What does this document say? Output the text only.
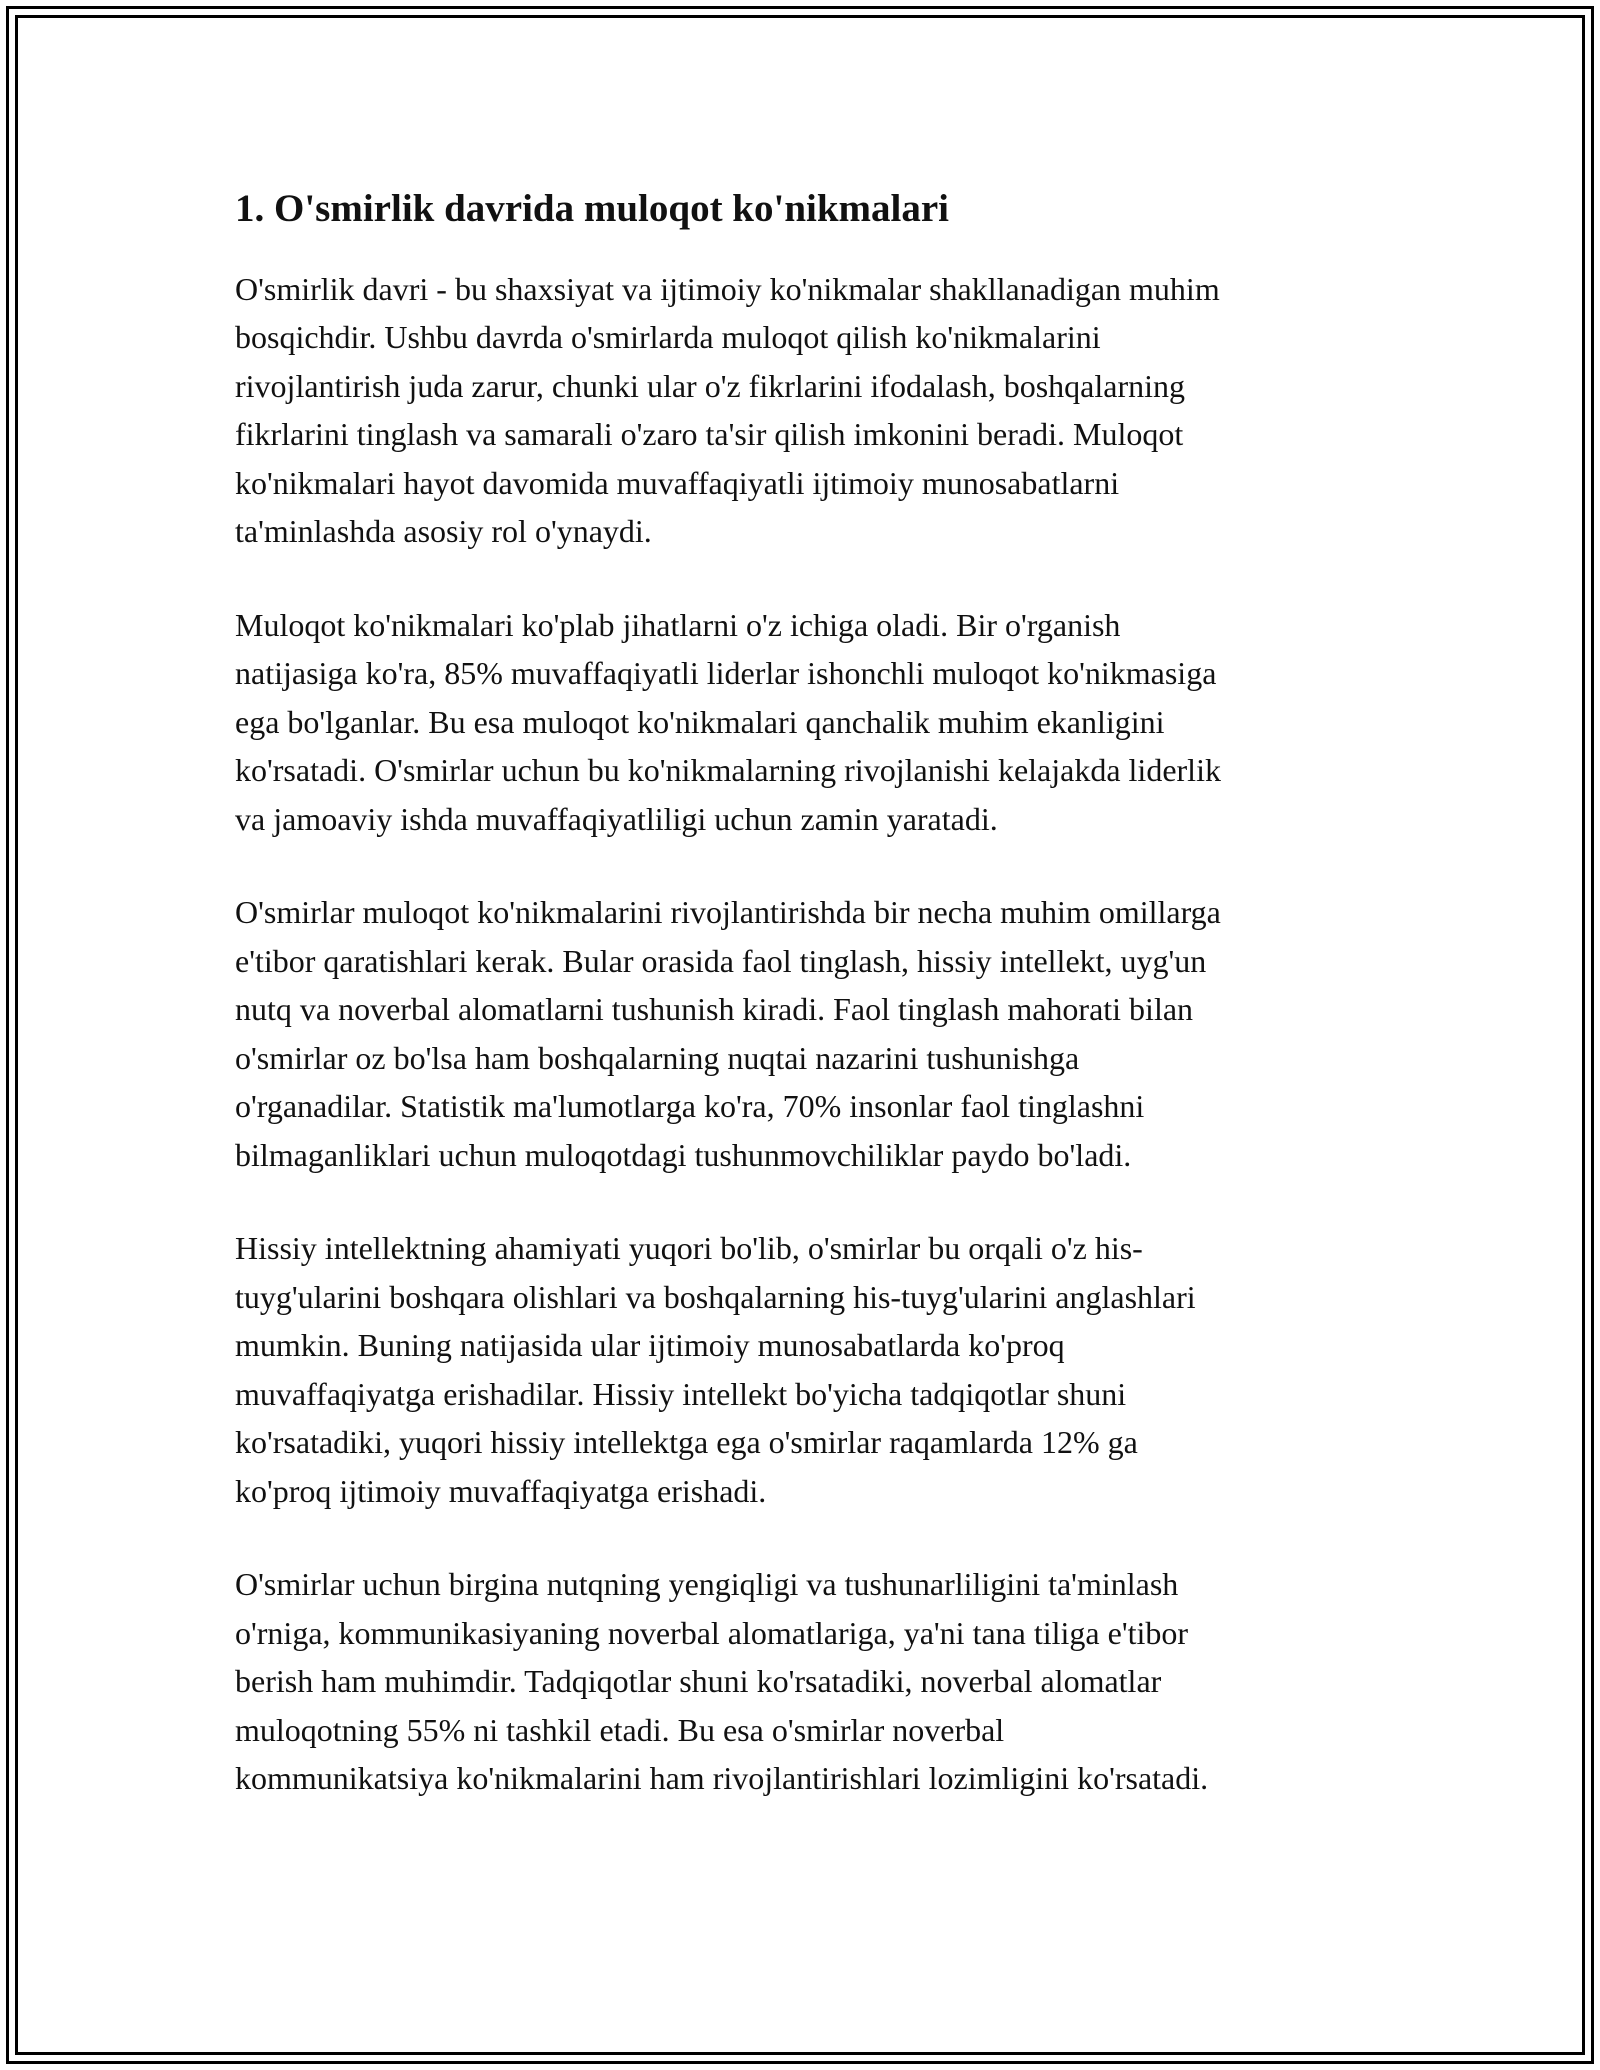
1. O'smirlik davrida muloqot ko'nikmalari

O'smirlik davri - bu shaxsiyat va ijtimoiy ko'nikmalar shakllanadigan muhim
bosqichdir. Ushbu davrda o'smirlarda muloqot qilish ko'nikmalarini
rivojlantirish juda zarur, chunki ular o'z fikrlarini ifodalash, boshqalarning
fikrlarini tinglash va samarali o'zaro ta'sir qilish imkonini beradi. Muloqot
ko'nikmalari hayot davomida muvaffaqiyatli ijtimoiy munosabatlarni
ta'minlashda asosiy rol o'ynaydi.

Muloqot ko'nikmalari ko'plab jihatlarni o'z ichiga oladi. Bir o'rganish
natijasiga ko'ra, 85% muvaffaqiyatli liderlar ishonchli muloqot ko'nikmasiga
ega bo'lganlar. Bu esa muloqot ko'nikmalari qanchalik muhim ekanligini
ko'rsatadi. O'smirlar uchun bu ko'nikmalarning rivojlanishi kelajakda liderlik
va jamoaviy ishda muvaffaqiyatliligi uchun zamin yaratadi.

O'smirlar muloqot ko'nikmalarini rivojlantirishda bir necha muhim omillarga
e'tibor qaratishlari kerak. Bular orasida faol tinglash, hissiy intellekt, uyg'un
nutq va noverbal alomatlarni tushunish kiradi. Faol tinglash mahorati bilan
o'smirlar oz bo'lsa ham boshqalarning nuqtai nazarini tushunishga
o'rganadilar. Statistik ma'lumotlarga ko'ra, 70% insonlar faol tinglashni
bilmaganliklari uchun muloqotdagi tushunmovchiliklar paydo bo'ladi.

Hissiy intellektning ahamiyati yuqori bo'lib, o'smirlar bu orqali o'z his-
tuyg'ularini boshqara olishlari va boshqalarning his-tuyg'ularini anglashlari
mumkin. Buning natijasida ular ijtimoiy munosabatlarda ko'proq
muvaffaqiyatga erishadilar. Hissiy intellekt bo'yicha tadqiqotlar shuni
ko'rsatadiki, yuqori hissiy intellektga ega o'smirlar raqamlarda 12% ga
ko'proq ijtimoiy muvaffaqiyatga erishadi.

O'smirlar uchun birgina nutqning yengiqligi va tushunarliligini ta'minlash
o'rniga, kommunikasiyaning noverbal alomatlariga, ya'ni tana tiliga e'tibor
berish ham muhimdir. Tadqiqotlar shuni ko'rsatadiki, noverbal alomatlar
muloqotning 55% ni tashkil etadi. Bu esa o'smirlar noverbal
kommunikatsiya ko'nikmalarini ham rivojlantirishlari lozimligini ko'rsatadi.
